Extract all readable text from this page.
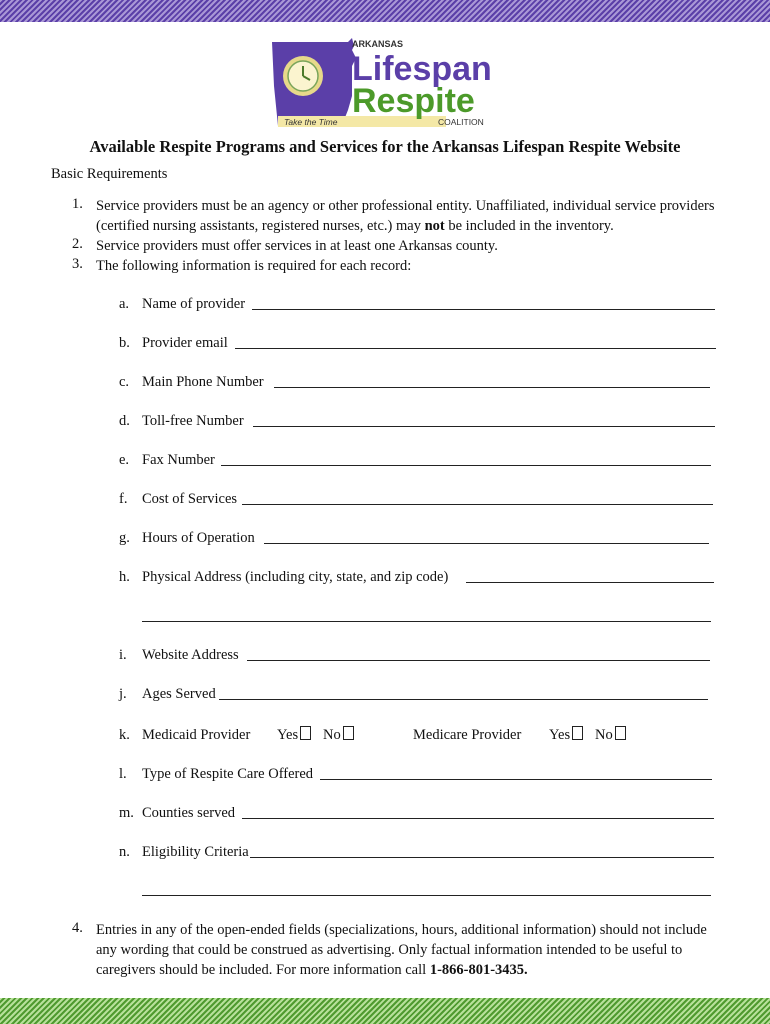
ARKANSAS
Lifespan
Respite
Take the Time	COALITION
Available Respite Programs and Services for the Arkansas Lifespan Respite Website
Basic Requirements
1. Service providers must be an agency or other professional entity. Unaffiliated, individual service providers (certified nursing assistants, registered nurses, etc.) may not be included in the inventory.
2. Service providers must offer services in at least one Arkansas county.
3. The following information is required for each record:
a. Name of provider
b. Provider email
c. Main Phone Number
d. Toll-free Number
e. Fax Number
f. Cost of Services
g. Hours of Operation
h. Physical Address (including city, state, and zip code)
i. Website Address
j. Ages Served
k. Medicaid Provider Yes	No	Medicare Provider Yes	No
l. Type of Respite Care Offered
m. Counties served
n. Eligibility Criteria
4. Entries in any of the open-ended fields (specializations, hours, additional information) should not include any wording that could be construed as advertising. Only factual information intended to be useful to caregivers should be included. For more information call 1-866-801-3435.
